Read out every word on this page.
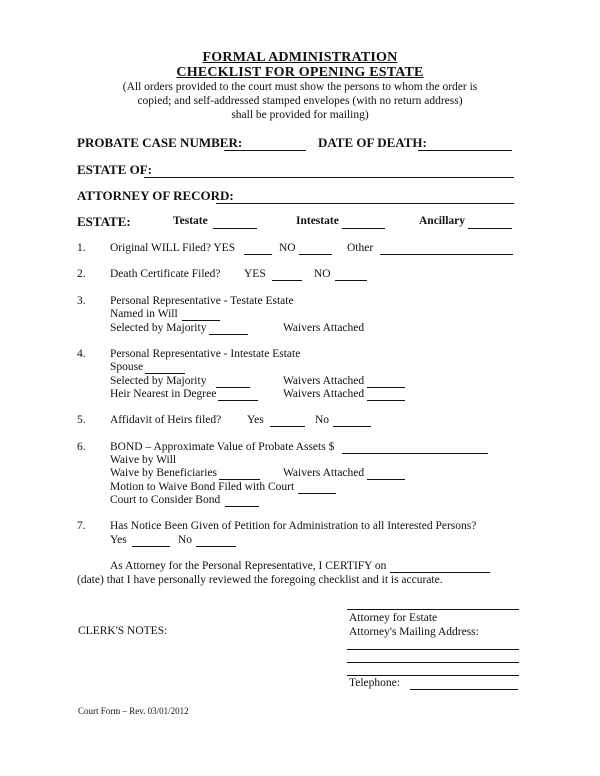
FORMAL ADMINISTRATION
CHECKLIST FOR OPENING ESTATE
(All orders provided to the court must show the persons to whom the order is
copied; and self-addressed stamped envelopes (with no return address)
shall be provided for mailing)
PROBATE CASE NUMBER:	DATE OF DEATH:
ESTATE OF:
ATTORNEY OF RECORD:
ESTATE:	Testate	Intestate	Ancillary
1. Original WILL Filed? YES	NO	Other
2. Death Certificate Filed? YES	NO
3. Personal Representative - Testate Estate
Named in Will
Selected by Majority	Waivers Attached
4. Personal Representative - Intestate Estate
Spouse
Selected by Majority	Waivers Attached
Heir Nearest in Degree	Waivers Attached
5. Affidavit of Heirs filed? Yes	No
6. BOND – Approximate Value of Probate Assets $
Waive by Will
Waive by Beneficiaries	Waivers Attached
Motion to Waive Bond Filed with Court
Court to Consider Bond
7. Has Notice Been Given of Petition for Administration to all Interested Persons?
Yes	No
As Attorney for the Personal Representative, I CERTIFY on
(date) that I have personally reviewed the foregoing checklist and it is accurate.
Attorney for Estate
CLERK'S NOTES:	Attorney's Mailing Address:
Telephone:
Court Form – Rev. 03/01/2012
